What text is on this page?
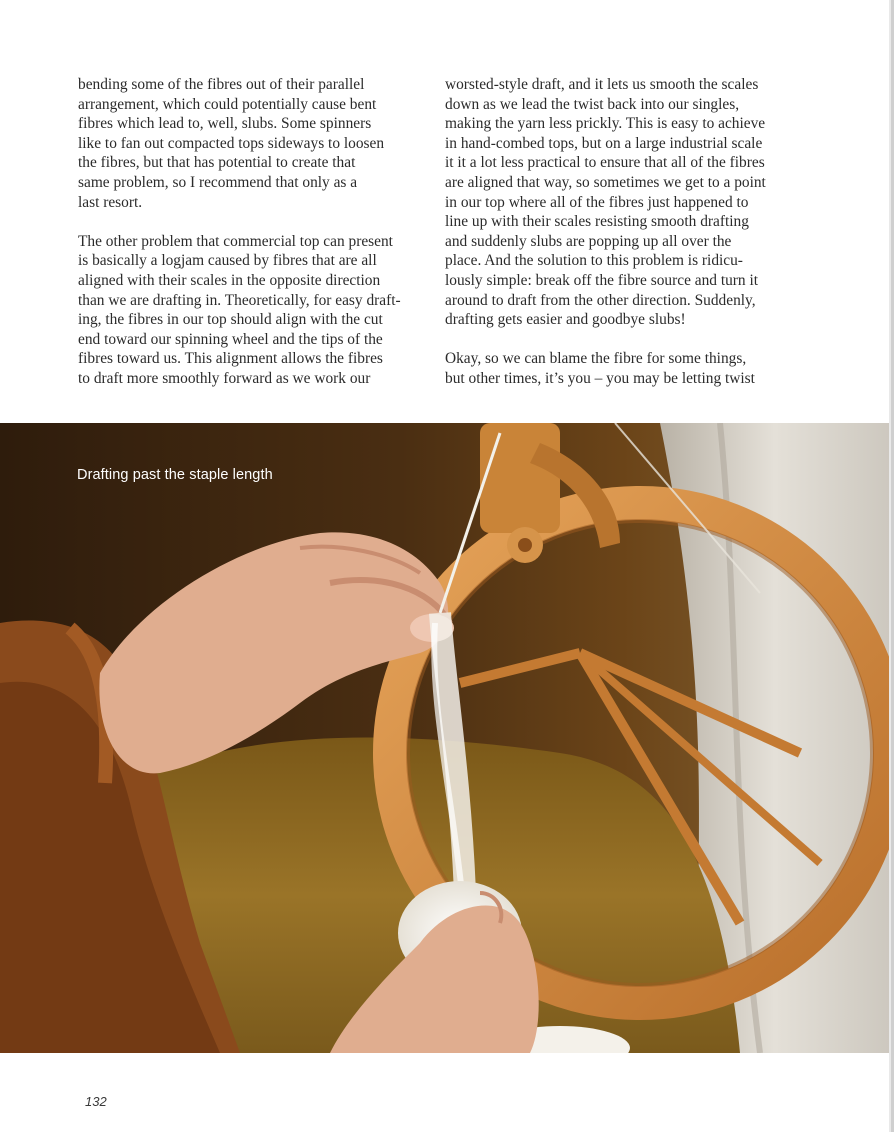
bending some of the fibres out of their parallel
arrangement, which could potentially cause bent
fibres which lead to, well, slubs. Some spinners
like to fan out compacted tops sideways to loosen
the fibres, but that has potential to create that
same problem, so I recommend that only as a
last resort.

The other problem that commercial top can present
is basically a logjam caused by fibres that are all
aligned with their scales in the opposite direction
than we are drafting in. Theoretically, for easy draft-
ing, the fibres in our top should align with the cut
end toward our spinning wheel and the tips of the
fibres toward us. This alignment allows the fibres
to draft more smoothly forward as we work our

worsted-style draft, and it lets us smooth the scales
down as we lead the twist back into our singles,
making the yarn less prickly. This is easy to achieve
in hand-combed tops, but on a large industrial scale
it it a lot less practical to ensure that all of the fibres
are aligned that way, so sometimes we get to a point
in our top where all of the fibres just happened to
line up with their scales resisting smooth drafting
and suddenly slubs are popping up all over the
place. And the solution to this problem is ridicu-
lously simple: break off the fibre source and turn it
around to draft from the other direction. Suddenly,
drafting gets easier and goodbye slubs!

Okay, so we can blame the fibre for some things,
but other times, it’s you – you may be letting twist

Drafting past the staple length
132
